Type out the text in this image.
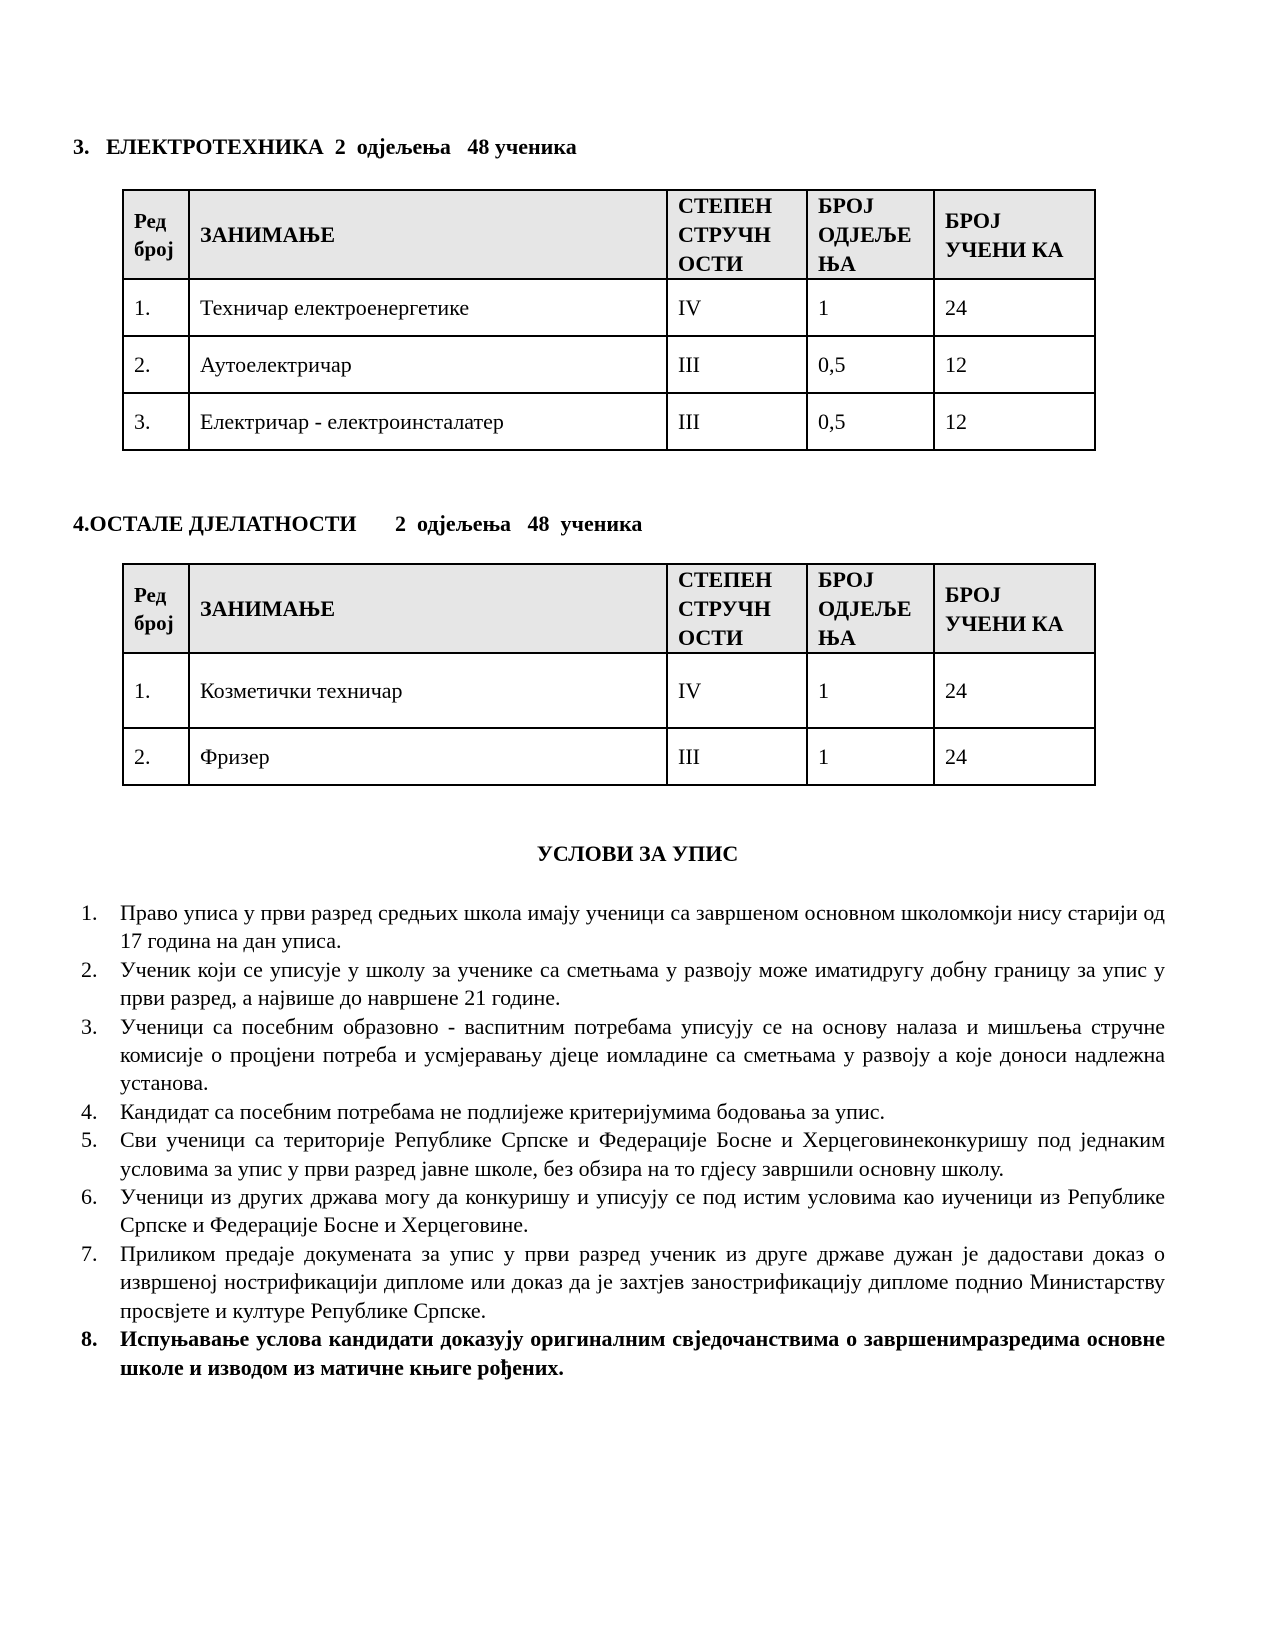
3.   ЕЛЕКТРОТЕХНИКА  2  одјељења   48 ученика
Ред број	ЗАНИМАЊЕ	СТЕПЕН СТРУЧН ОСТИ	БРОЈ ОДЈЕЉЕ ЊА	БРОЈ УЧЕНИ КА
1.	Техничар електроенергетике	IV	1	24
2.	Аутоелектричар	III	0,5	12
3.	Електричар - електроинсталатер	III	0,5	12
4.ОСТАЛЕ ДЈЕЛАТНОСТИ       2  одјељења   48  ученика
Ред број	ЗАНИМАЊЕ	СТЕПЕН СТРУЧН ОСТИ	БРОЈ ОДЈЕЉЕ ЊА	БРОЈ УЧЕНИ КА
1.	Козметички техничар	IV	1	24
2.	Фризер	III	1	24
УСЛОВИ ЗА УПИС
1. Право уписа у први разред средњих школа имају ученици са завршеном основном школомкоји нису старији од 17 година на дан уписа.
2. Ученик који се уписује у школу за ученике са сметњама у развоју може иматидругу добну границу за упис у први разред, а највише до навршене 21 године.
3. Ученици са посебним образовно - васпитним потребама уписују се на основу налаза и мишљења стручне комисије о процјени потреба и усмјеравању дјеце иомладине са сметњама у развоју а које доноси надлежна установа.
4. Кандидат са посебним потребама не подлијеже критеријумима бодовања за упис.
5. Сви ученици са територије Републике Српске и Федерације Босне и Херцеговинеконкуришу под једнаким условима за упис у први разред јавне школе, без обзира на то гдјесу завршили основну школу.
6. Ученици из других држава могу да конкуришу и уписују се под истим условима као иученици из Републике Српске и Федерације Босне и Херцеговине.
7. Приликом предаје докумената за упис у први разред ученик из друге државе дужан је дадостави доказ о извршеној нострификацији дипломе или доказ да је захтјев занострификацију дипломе поднио Министарству просвјете и културе Републике Српске.
8. Испуњавање услова кандидати доказују оригиналним свједочанствима о завршенимразредима основне школе и изводом из матичне књиге рођених.
